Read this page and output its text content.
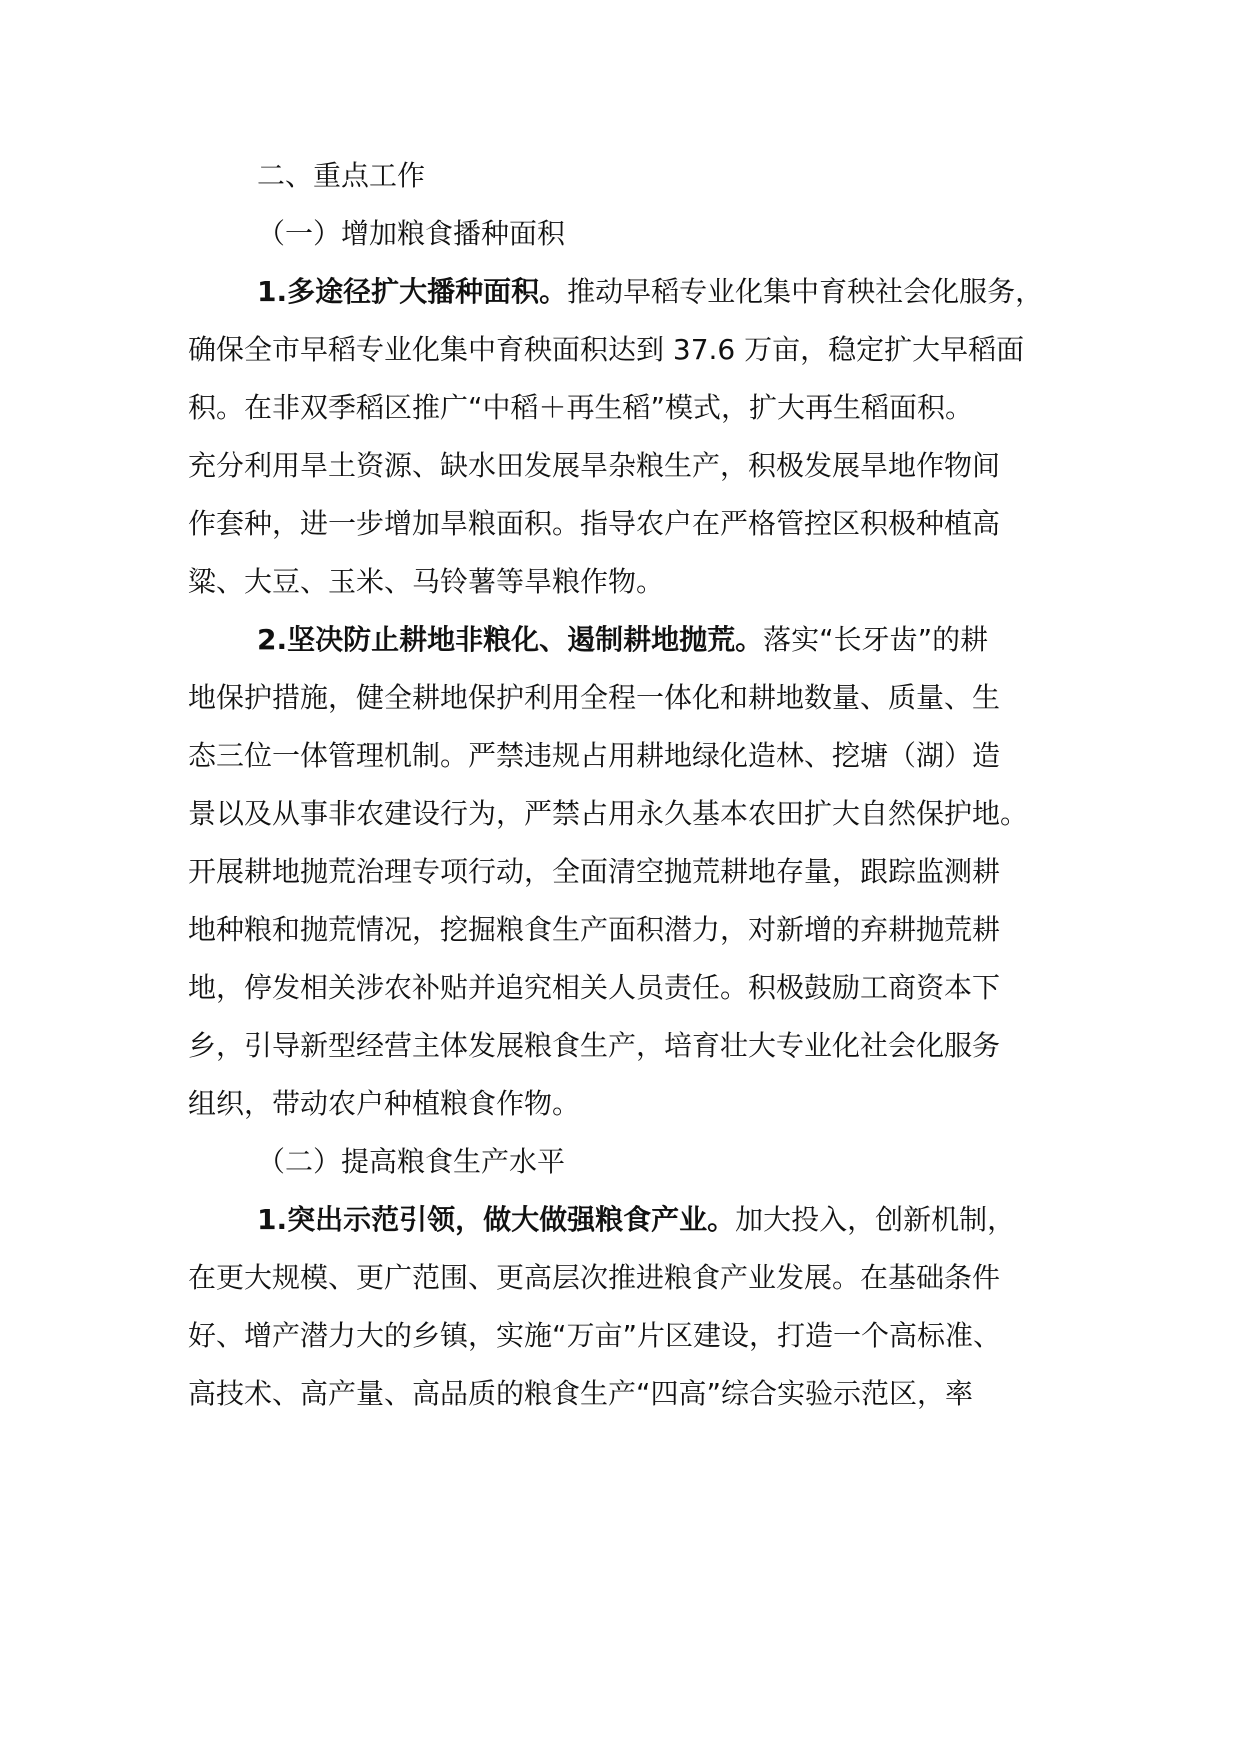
二、重点工作
（一）增加粮食播种面积
1.多途径扩大播种面积。推动早稻专业化集中育秧社会化服务，
确保全市早稻专业化集中育秧面积达到 37.6 万亩，稳定扩大早稻面
积。在非双季稻区推广“中稻＋再生稻”模式，扩大再生稻面积。
充分利用旱土资源、缺水田发展旱杂粮生产，积极发展旱地作物间
作套种，进一步增加旱粮面积。指导农户在严格管控区积极种植高
粱、大豆、玉米、马铃薯等旱粮作物。
2.坚决防止耕地非粮化、遏制耕地抛荒。落实“长牙齿”的耕
地保护措施，健全耕地保护利用全程一体化和耕地数量、质量、生
态三位一体管理机制。严禁违规占用耕地绿化造林、挖塘（湖）造
景以及从事非农建设行为，严禁占用永久基本农田扩大自然保护地。
开展耕地抛荒治理专项行动，全面清空抛荒耕地存量，跟踪监测耕
地种粮和抛荒情况，挖掘粮食生产面积潜力，对新增的弃耕抛荒耕
地，停发相关涉农补贴并追究相关人员责任。积极鼓励工商资本下
乡，引导新型经营主体发展粮食生产，培育壮大专业化社会化服务
组织，带动农户种植粮食作物。
（二）提高粮食生产水平
1.突出示范引领，做大做强粮食产业。加大投入，创新机制，
在更大规模、更广范围、更高层次推进粮食产业发展。在基础条件
好、增产潜力大的乡镇，实施“万亩”片区建设，打造一个高标准、
高技术、高产量、高品质的粮食生产“四高”综合实验示范区，率
